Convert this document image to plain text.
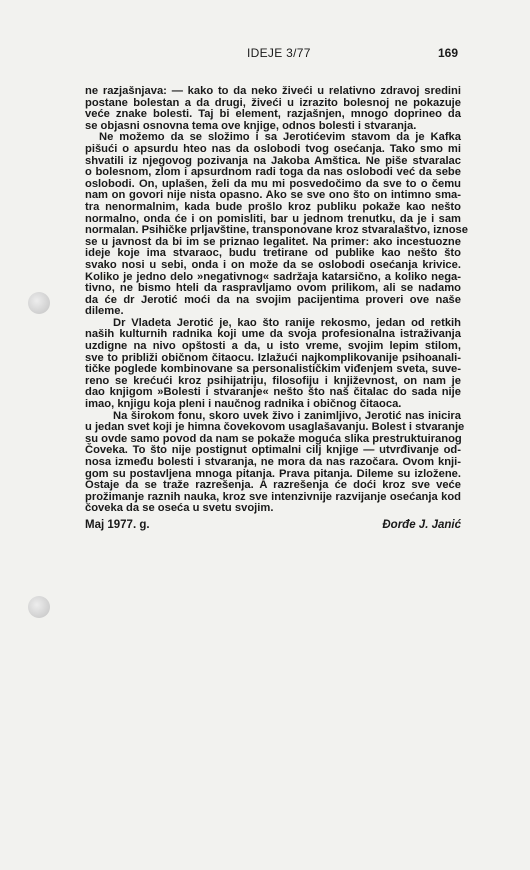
IDEJE 3/77	169
ne razjašnjava: — kako to da neko živeći u relativno zdravoj sredini
postane bolestan a da drugi, živeći u izrazito bolesnoj ne pokazuje
veće znake bolesti. Taj bi element, razjašnjen, mnogo doprineo da
se objasni osnovna tema ove knjige, odnos bolesti i stvaranja.
Ne možemo da se složimo i sa Jerotićevim stavom da je Kafka
pišući o apsurdu hteo nas da oslobodi tvog osećanja. Tako smo mi
shvatili iz njegovog pozivanja na Jakoba Amštica. Ne piše stvaralac
o bolesnom, zlom i apsurdnom radi toga da nas oslobodi već da sebe
oslobodi. On, uplašen, želi da mu mi posvedočimo da sve to o čemu
nam on govori nije nista opasno. Ako se sve ono što on intimno sma-
tra nenormalnim, kada bude prošlo kroz publiku pokaže kao nešto
normalno, onda će i on pomisliti, bar u jednom trenutku, da je i sam
normalan. Psihičke prljavštine, transponovane kroz stvaralaštvo, iznose
se u javnost da bi im se priznao legalitet. Na primer: ako incestuozne
ideje koje ima stvaraoc, budu tretirane od publike kao nešto što
svako nosi u sebi, onda i on može da se oslobodi osećanja krivice.
Koliko je jedno delo »negativnog« sadržaja katarsično, a koliko nega-
tivno, ne bismo hteli da raspravljamo ovom prilikom, ali se nadamo
da će dr Jerotić moći da na svojim pacijentima proveri ove naše
dileme.
Dr Vladeta Jerotić je, kao što ranije rekosmo, jedan od retkih
naših kulturnih radnika koji ume da svoja profesionalna istraživanja
uzdigne na nivo opštosti a da, u isto vreme, svojim lepim stilom,
sve to približi običnom čitaocu. Izlažući najkomplikovanije psihoanali-
tičke poglede kombinovane sa personalističkim viđenjem sveta, suve-
reno se krećući kroz psihijatriju, filosofiju i književnost, on nam je
dao knjigom »Bolesti i stvaranje« nešto što naš čitalac do sada nije
imao, knjigu koja pleni i naučnog radnika i običnog čitaoca.
Na širokom fonu, skoro uvek živo i zanimljivo, Jerotić nas inicira
u jedan svet koji je himna čovekovom usaglašavanju. Bolest i stvaranje
su ovde samo povod da nam se pokaže moguća slika prestruktuiranog
Čoveka. To što nije postignut optimalni cilj knjige — utvrđivanje od-
nosa između bolesti i stvaranja, ne mora da nas razočara. Ovom knji-
gom su postavljena mnoga pitanja. Prava pitanja. Dileme su izložene.
Ostaje da se traže razrešenja. A razrešenja će doći kroz sve veće
prožimanje raznih nauka, kroz sve intenzivnije razvijanje osećanja kod
čoveka da se oseća u svetu svojim.
Maj 1977. g.	Đorđe J. Janić
